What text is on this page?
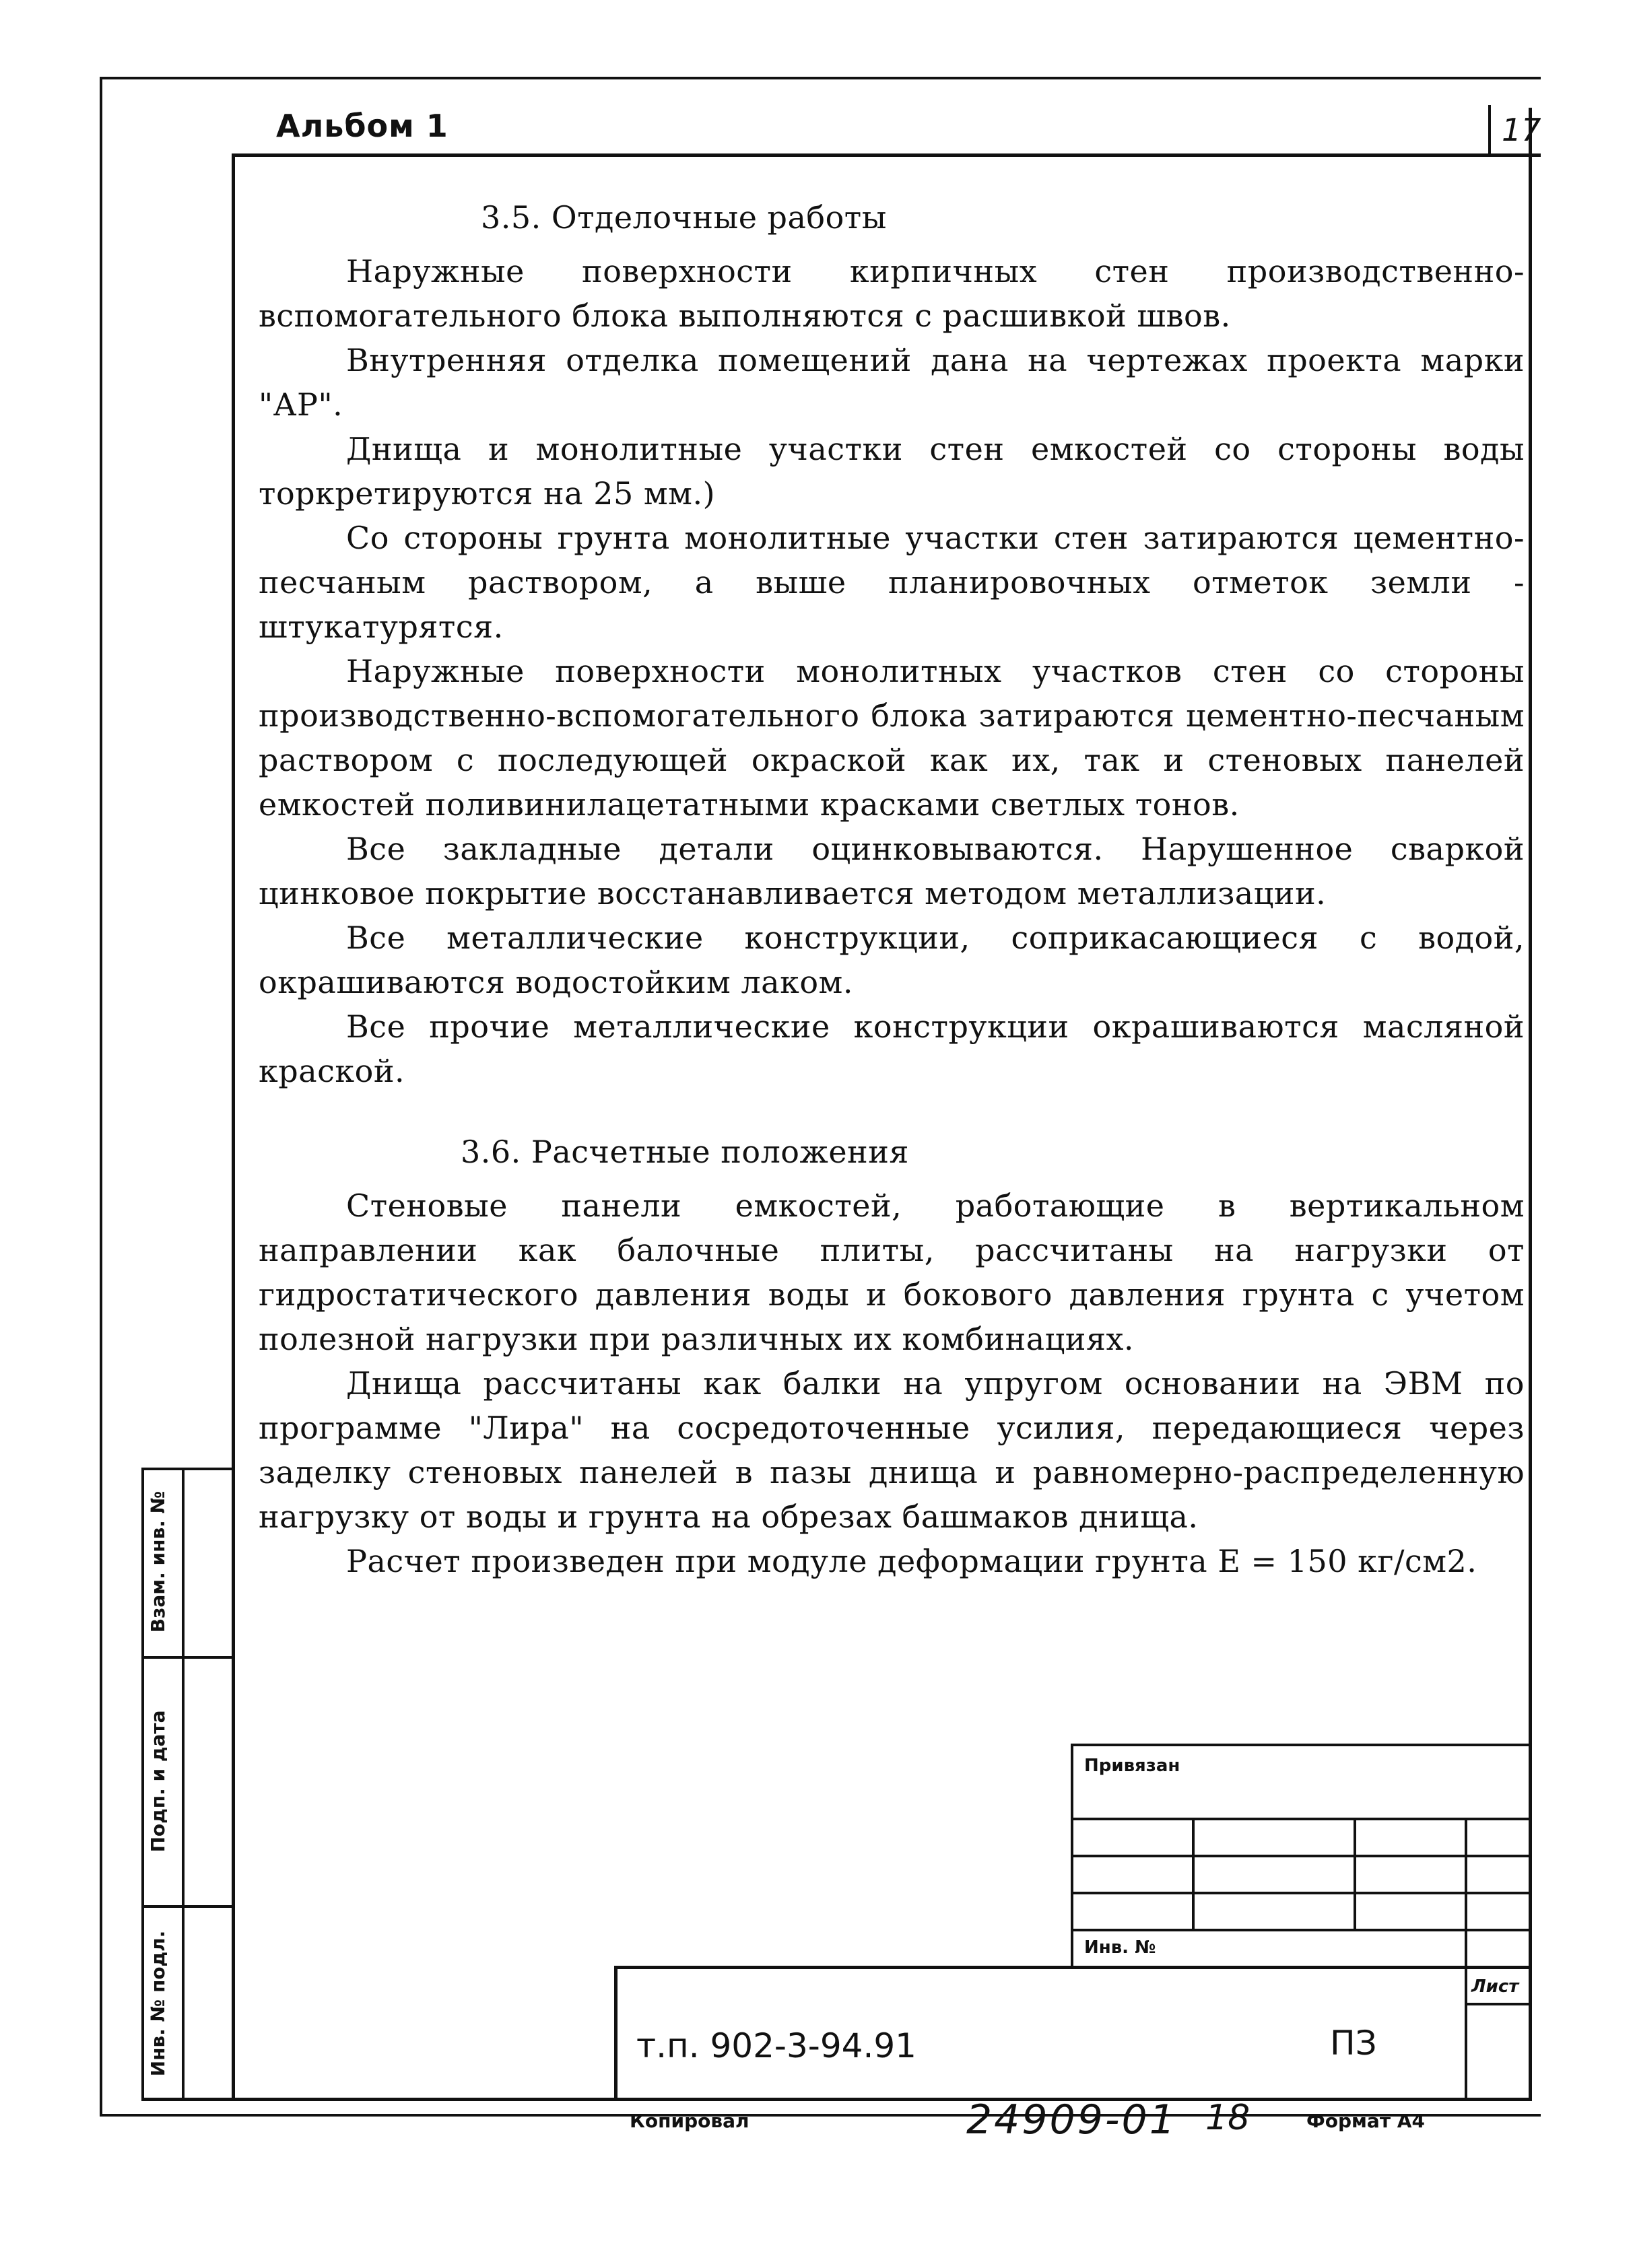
Альбом 1	17
3.5. Отделочные работы

Наружные поверхности кирпичных стен производственно-вспомогательного блока выполняются с расшивкой швов.

Внутренняя отделка помещений дана на чертежах проекта марки "АР".

Днища и монолитные участки стен емкостей со стороны воды торкретируются на 25 мм.)

Со стороны грунта монолитные участки стен затираются цементно-песчаным раствором, а выше планировочных отметок земли - штукатурятся.

Наружные поверхности монолитных участков стен со стороны производственно-вспомогательного блока затираются цементно-песчаным раствором с последующей окраской как их, так и стеновых панелей емкостей поливинилацетатными красками светлых тонов.

Все закладные детали оцинковываются. Нарушенное сваркой цинковое покрытие восстанавливается методом металлизации.

Все металлические конструкции, соприкасающиеся с водой, окрашиваются водостойким лаком.

Все прочие металлические конструкции окрашиваются масляной краской.

3.6. Расчетные положения

Стеновые панели емкостей, работающие в вертикальном направлении как балочные плиты, рассчитаны на нагрузки от гидростатического давления воды и бокового давления грунта с учетом полезной нагрузки при различных их комбинациях.

Днища рассчитаны как балки на упругом основании на ЭВМ по программе "Лира" на сосредоточенные усилия, передающиеся через заделку стеновых панелей в пазы днища и равномерно-распределенную нагрузку от воды и грунта на обрезах башмаков днища.

Расчет произведен при модуле деформации грунта Е = 150 кг/см2.

Взам. инв. №
Подп. и дата
Инв. № подл.
Привязан
Инв. №
т.п. 902-3-94.91	ПЗ
Лист
Копировал	24909-01 18	Формат А4
